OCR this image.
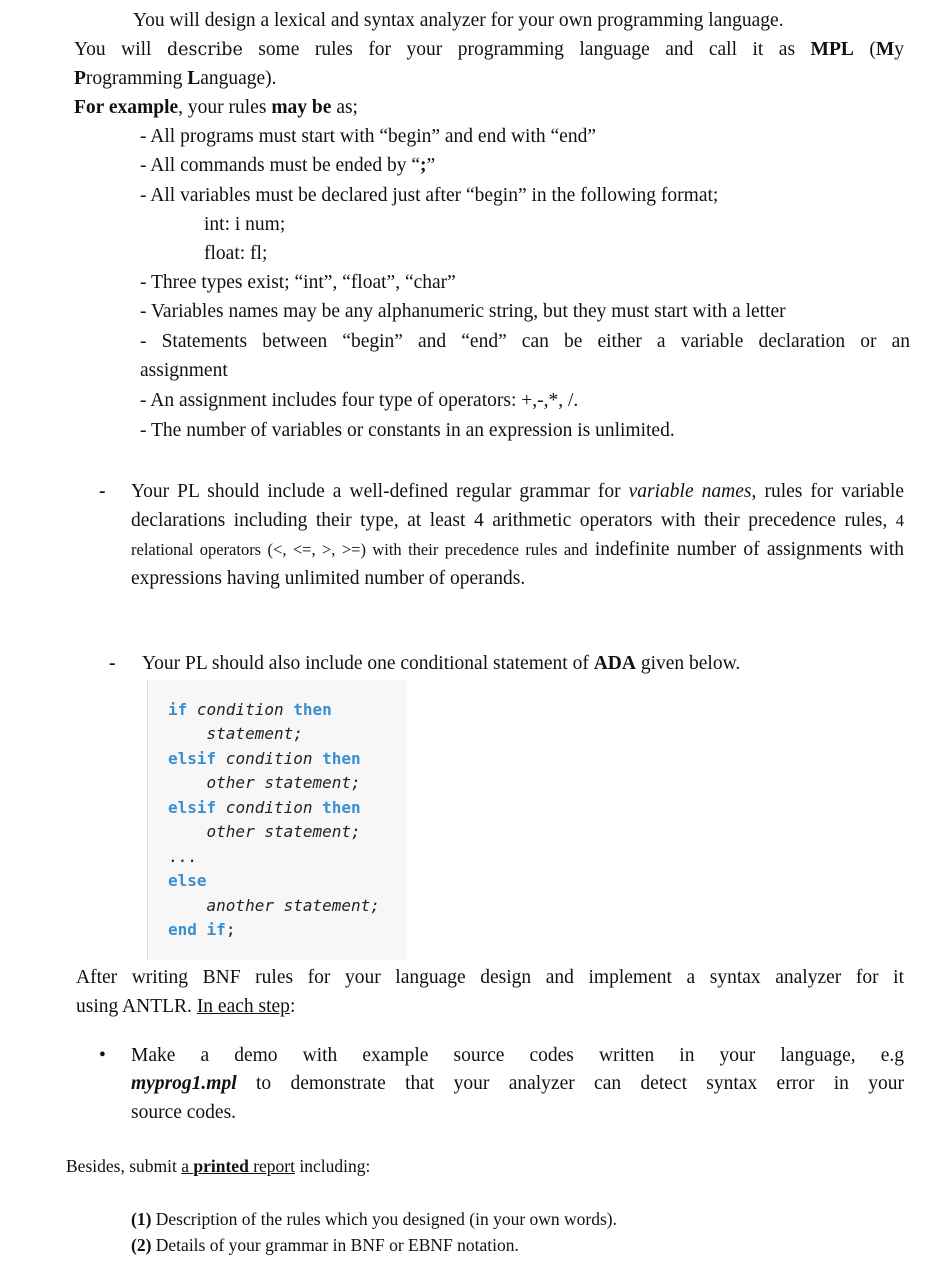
You will design a lexical and syntax analyzer for your own programming language.

You will describe some rules for your programming language and call it as MPL (My

Programming Language).

For example, your rules may be as;

- All programs must start with “begin” and end with “end”

- All commands must be ended by “;”

- All variables must be declared just after “begin” in the following format;

int: i num;

float: fl;

- Three types exist; “int”, “float”, “char”

- Variables names may be any alphanumeric string, but they must start with a letter

- Statements between “begin” and “end” can be either a variable declaration or an

assignment

- An assignment includes four type of operators: +,-,*, /.

- The number of variables or constants in an expression is unlimited.

- Your PL should include a well-defined regular grammar for variable names, rules for variable declarations including their type, at least 4 arithmetic operators with their precedence rules, 4 relational operators (<, <=, >, >=) with their precedence rules and indefinite number of assignments with expressions having unlimited number of operands.

- Your PL should also include one conditional statement of ADA given below.

if condition then

statement;

elsif condition then

other statement;

elsif condition then

other statement;

...

else

another statement;

end if;

After writing BNF rules for your language design and implement a syntax analyzer for it

using ANTLR. In each step:

• Make a demo with example source codes written in your language, e.g

myprog1.mpl to demonstrate that your analyzer can detect syntax error in your

source codes.

Besides, submit a printed report including:

(1) Description of the rules which you designed (in your own words).

(2) Details of your grammar in BNF or EBNF notation.
